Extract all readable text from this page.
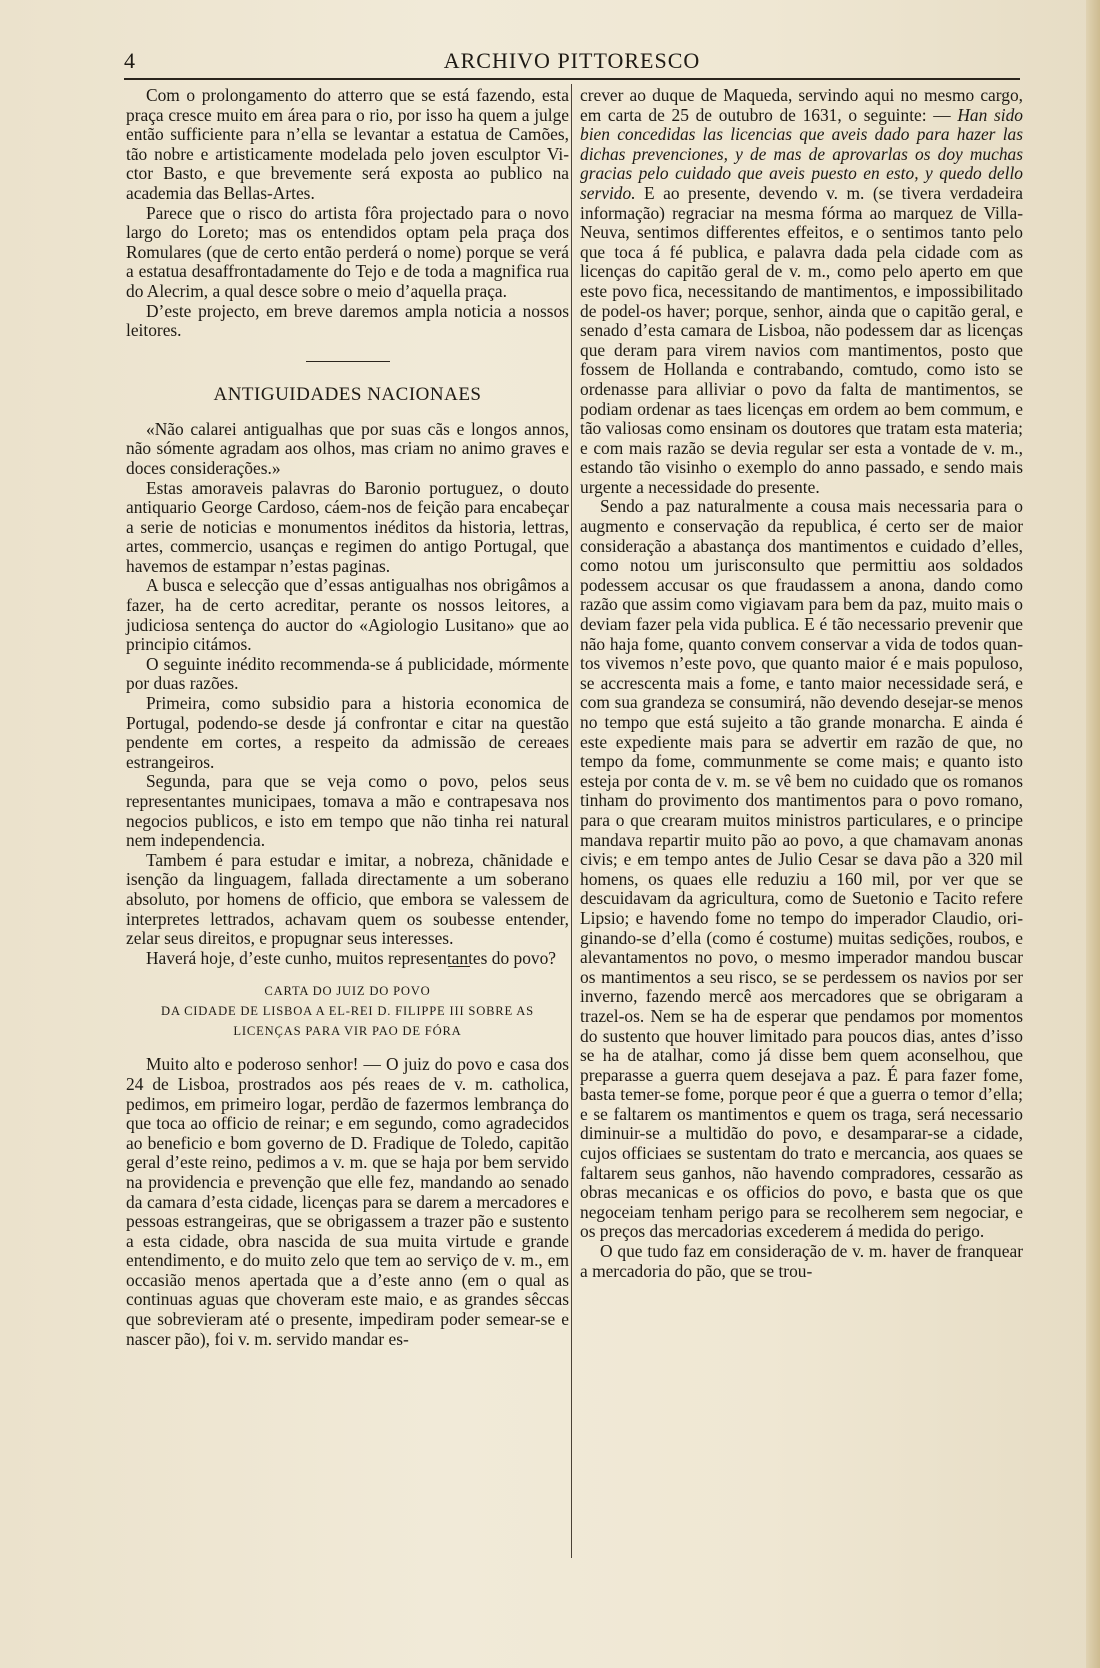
4	ARCHIVO PITTORESCO

Com o prolongamento do atterro que se está fazendo, esta praça cresce muito em área para o rio, por isso ha quem a julge então sufficiente para n’ella se levantar a estatua de Camões, tão nobre e artisticamente modelada pelo joven esculptor Victor Basto, e que brevemente será exposta ao publico na academia das Bellas-Artes.

Parece que o risco do artista fôra projectado para o novo largo do Loreto; mas os entendidos optam pela praça dos Romulares (que de certo então perderá o nome) porque se verá a estatua desaffrontadamente do Tejo e de toda a magnifica rua do Alecrim, a qual desce sobre o meio d’aquella praça.

D’este projecto, em breve daremos ampla noticia a nossos leitores.

ANTIGUIDADES NACIONAES

«Não calarei antigualhas que por suas cãs e longos annos, não sómente agradam aos olhos, mas criam no animo graves e doces considerações.»

Estas amoraveis palavras do Baronio portuguez, o douto antiquario George Cardoso, cáem-nos de feição para encabeçar a serie de noticias e monumentos inéditos da historia, lettras, artes, commercio, usanças e regimen do antigo Portugal, que havemos de estampar n’estas paginas.

A busca e selecção que d’essas antigualhas nos obrigâmos a fazer, ha de certo acreditar, perante os nossos leitores, a judiciosa sentença do auctor do «Agiologio Lusitano» que ao principio citámos.

O seguinte inédito recommenda-se á publicidade, mórmente por duas razões.

Primeira, como subsidio para a historia economica de Portugal, podendo-se desde já confrontar e citar na questão pendente em cortes, a respeito da admissão de cereaes estrangeiros.

Segunda, para que se veja como o povo, pelos seus representantes municipaes, tomava a mão e contrapesava nos negocios publicos, e isto em tempo que não tinha rei natural nem independencia.

Tambem é para estudar e imitar, a nobreza, chãnidade e isenção da linguagem, fallada directamente a um soberano absoluto, por homens de officio, que embora se valessem de interpretes lettrados, achavam quem os soubesse entender, zelar seus direitos, e propugnar seus interesses.

Haverá hoje, d’este cunho, muitos representantes do povo?

CARTA DO JUIZ DO POVO
DA CIDADE DE LISBOA A EL-REI D. FILIPPE III SOBRE AS
LICENÇAS PARA VIR PAO DE FÓRA

Muito alto e poderoso senhor! — O juiz do povo e casa dos 24 de Lisboa, prostrados aos pés reaes de v. m. catholica, pedimos, em primeiro logar, perdão de fazermos lembrança do que toca ao officio de reinar; e em segundo, como agradecidos ao beneficio e bom governo de D. Fradique de Toledo, capitão geral d’este reino, pedimos a v. m. que se haja por bem servido na providencia e prevenção que elle fez, mandando ao senado da camara d’esta cidade, licenças para se darem a mercadores e pessoas estrangeiras, que se obrigassem a trazer pão e sustento a esta cidade, obra nascida de sua muita virtude e grande entendimento, e do muito zelo que tem ao serviço de v. m., em occasião menos apertada que a d’este anno (em o qual as continuas aguas que choveram este maio, e as grandes sêccas que sobrevieram até o presente, impediram poder semear-se e nascer pão), foi v. m. servido mandar es-

crever ao duque de Maqueda, servindo aqui no mesmo cargo, em carta de 25 de outubro de 1631, o seguinte: — Han sido bien concedidas las licencias que aveis dado para hazer las dichas prevenciones, y de mas de aprovarlas os doy muchas gracias pelo cuidado que aveis puesto en esto, y quedo dello servido. E ao presente, devendo v. m. (se tivera verdadeira informação) regraciar na mesma fórma ao marquez de Villa-Neuva, sentimos differentes effeitos, e o sentimos tanto pelo que toca á fé publica, e palavra dada pela cidade com as licenças do capitão geral de v. m., como pelo aperto em que este povo fica, necessitando de mantimentos, e impossibilitado de podel-os haver; porque, senhor, ainda que o capitão geral, e senado d’esta camara de Lisboa, não podessem dar as licenças que deram para virem navios com mantimentos, posto que fossem de Hollanda e contrabando, comtudo, como isto se ordenasse para alliviar o povo da falta de mantimentos, se podiam ordenar as taes licenças em ordem ao bem commum, e tão valiosas como ensinam os doutores que tratam esta materia; e com mais razão se devia regular ser esta a vontade de v. m., estando tão visinho o exemplo do anno passado, e sendo mais urgente a necessidade do presente.

Sendo a paz naturalmente a cousa mais necessaria para o augmento e conservação da republica, é certo ser de maior consideração a abastança dos mantimentos e cuidado d’elles, como notou um jurisconsulto que permittiu aos soldados podessem accusar os que fraudassem a anona, dando como razão que assim como vigiavam para bem da paz, muito mais o deviam fazer pela vida publica. E é tão necessario prevenir que não haja fome, quanto convem conservar a vida de todos quantos vivemos n’este povo, que quanto maior é e mais populoso, se accrescenta mais a fome, e tanto maior necessidade será, e com sua grandeza se consumirá, não devendo desejar-se menos no tempo que está sujeito a tão grande monarcha. E ainda é este expediente mais para se advertir em razão de que, no tempo da fome, communmente se come mais; e quanto isto esteja por conta de v. m. se vê bem no cuidado que os romanos tinham do provimento dos mantimentos para o povo romano, para o que crearam muitos ministros particulares, e o principe mandava repartir muito pão ao povo, a que chamavam anonas civis; e em tempo antes de Julio Cesar se dava pão a 320 mil homens, os quaes elle reduziu a 160 mil, por ver que se descuidavam da agricultura, como de Suetonio e Tacito refere Lipsio; e havendo fome no tempo do imperador Claudio, originando-se d’ella (como é costume) muitas sedições, roubos, e alevantamentos no povo, o mesmo imperador mandou buscar os mantimentos a seu risco, se se perdessem os navios por ser inverno, fazendo mercê aos mercadores que se obrigaram a trazel-os. Nem se ha de esperar que pendamos por momentos do sustento que houver limitado para poucos dias, antes d’isso se ha de atalhar, como já disse bem quem aconselhou, que preparasse a guerra quem desejava a paz. É para fazer fome, basta temer-se fome, porque peor é que a guerra o temor d’ella; e se faltarem os mantimentos e quem os traga, será necessario diminuir-se a multidão do povo, e desamparar-se a cidade, cujos officiaes se sustentam do trato e mercancia, aos quaes se faltarem seus ganhos, não havendo compradores, cessarão as obras mecanicas e os officios do povo, e basta que os que negoceiam tenham perigo para se recolherem sem negociar, e os preços das mercadorias excederem á medida do perigo.

O que tudo faz em consideração de v. m. haver de franquear a mercadoria do pão, que se trou-
